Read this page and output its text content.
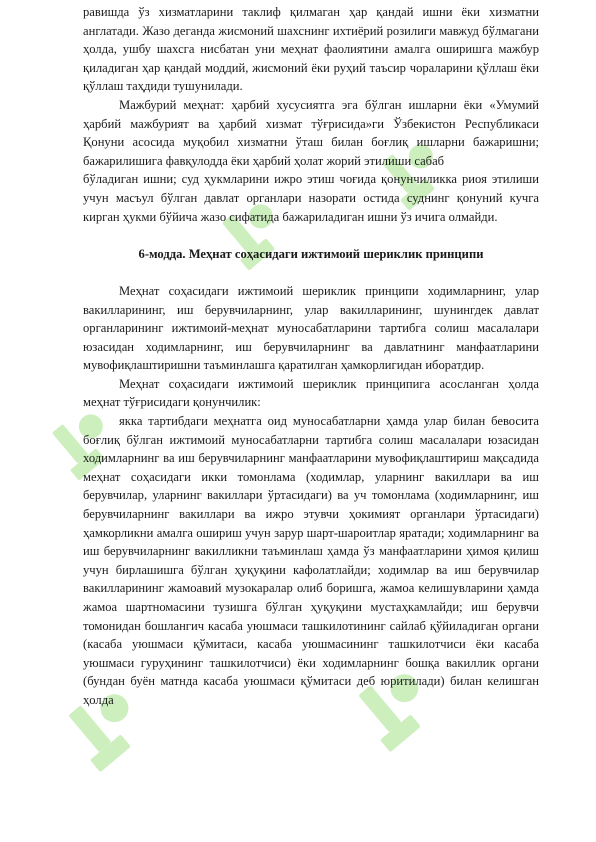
равишда ўз хизматларини таклиф қилмаган ҳар қандай ишни ёки хизматни англатади. Жазо деганда жисмоний шахснинг ихтиёрий розилиги мавжуд бўлмагани ҳолда, ушбу шахсга нисбатан уни меҳнат фаолиятини амалга оширишга мажбур қиладиган ҳар қандай моддий, жисмоний ёки руҳий таъсир чораларини қўллаш ёки қўллаш таҳдиди тушунилади.

Мажбурий меҳнат: ҳарбий хусусиятга эга бўлган ишларни ёки «Умумий ҳарбий мажбурият ва ҳарбий хизмат тўғрисида»ги Ўзбекистон Республикаси Қонуни асосида муқобил хизматни ўташ билан боғлиқ ишларни бажаришни; бажарилишига фавқулодда ёки ҳарбий ҳолат жорий этилиши сабаб

бўладиган ишни; суд ҳукмларини ижро этиш чоғида қонунчиликка риоя этилиши учун масъул бўлган давлат органлари назорати остида суднинг қонуний кучга кирган ҳукми бўйича жазо сифатида бажариладиган ишни ўз ичига олмайди.

6-модда. Меҳнат соҳасидаги ижтимоий шериклик принципи

Меҳнат соҳасидаги ижтимоий шериклик принципи ходимларнинг, улар вакилларининг, иш берувчиларнинг, улар вакилларининг, шунингдек давлат органларининг ижтимоий-меҳнат муносабатларини тартибга солиш масалалари юзасидан ходимларнинг, иш берувчиларнинг ва давлатнинг манфаатларини мувофиқлаштиришни таъминлашга қаратилган ҳамкорлигидан иборатдир.

Меҳнат соҳасидаги ижтимоий шериклик принципига асосланган ҳолда меҳнат тўғрисидаги қонунчилик:

якка тартибдаги меҳнатга оид муносабатларни ҳамда улар билан бевосита боғлиқ бўлган ижтимоий муносабатларни тартибга солиш масалалари юзасидан ходимларнинг ва иш берувчиларнинг манфаатларини мувофиқлаштириш мақсадида меҳнат соҳасидаги икки томонлама (ходимлар, уларнинг вакиллари ва иш берувчилар, уларнинг вакиллари ўртасидаги) ва уч томонлама (ходимларнинг, иш берувчиларнинг вакиллари ва ижро этувчи ҳокимият органлари ўртасидаги) ҳамкорликни амалга ошириш учун зарур шарт-шароитлар яратади; ходимларнинг ва иш берувчиларнинг вакилликни таъминлаш ҳамда ўз манфаатларини ҳимоя қилиш учун бирлашишга бўлган ҳуқуқини кафолатлайди; ходимлар ва иш берувчилар вакилларининг жамоавий музокаралар олиб боришга, жамоа келишувларини ҳамда жамоа шартномасини тузишга бўлган ҳуқуқини мустаҳкамлайди; иш берувчи томонидан бошлангич касаба уюшмаси ташкилотининг сайлаб қўйиладиган органи (касаба уюшмаси қўмитаси, касаба уюшмасининг ташкилотчиси ёки касаба уюшмаси гуруҳининг ташкилотчиси) ёки ходимларнинг бошқа вакиллик органи (бундан буён матнда касаба уюшмаси қўмитаси деб юритилади) билан келишган ҳолда
